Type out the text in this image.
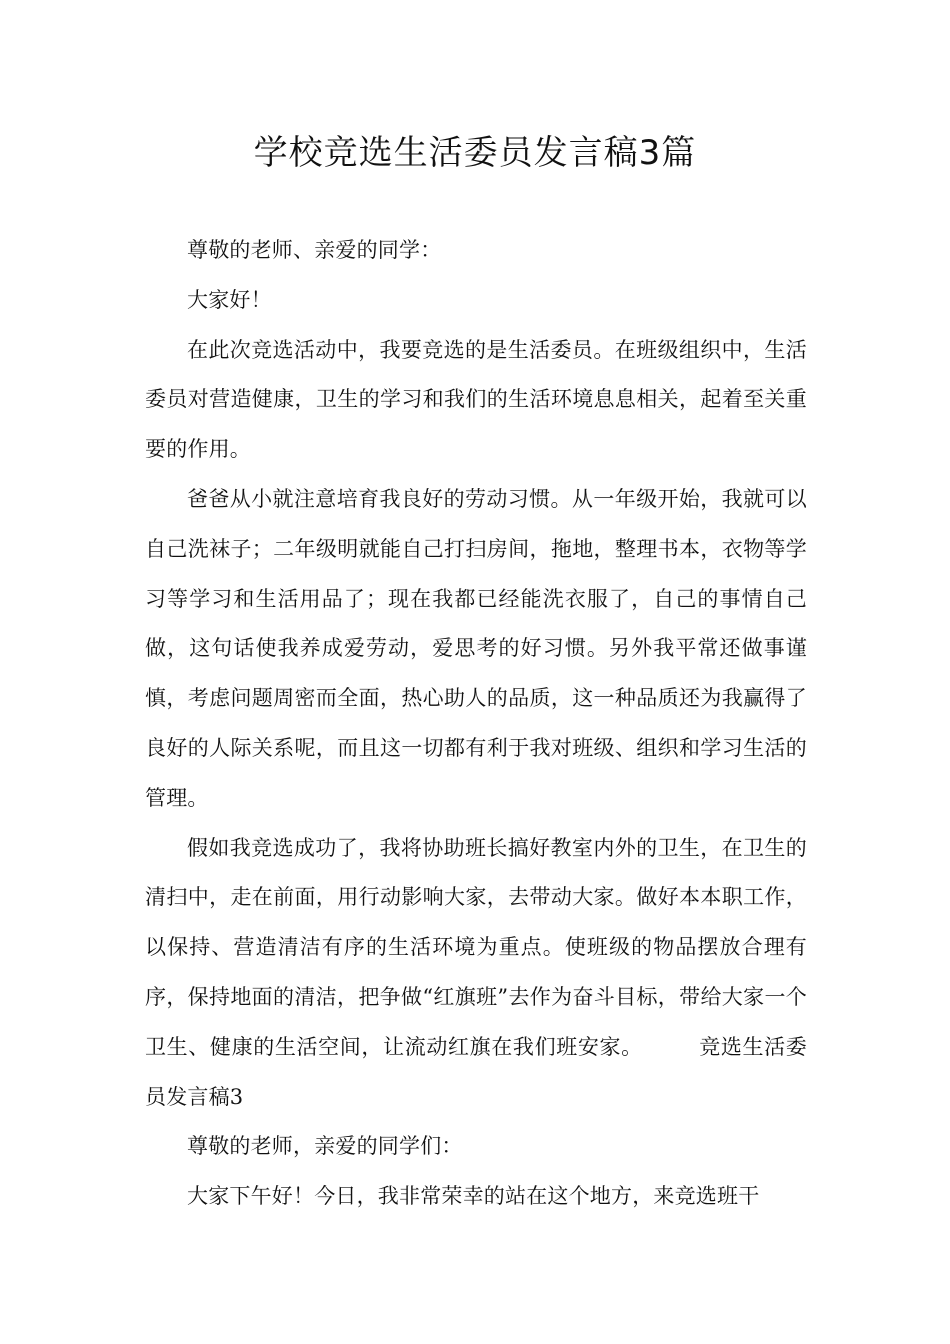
学校竞选生活委员发言稿3篇

尊敬的老师、亲爱的同学：

大家好！

在此次竞选活动中，我要竞选的是生活委员。在班级组织中，生活委员对营造健康，卫生的学习和我们的生活环境息息相关，起着至关重要的作用。

爸爸从小就注意培育我良好的劳动习惯。从一年级开始，我就可以自己洗袜子；二年级明就能自己打扫房间，拖地，整理书本，衣物等学习等学习和生活用品了；现在我都已经能洗衣服了，自己的事情自己做，这句话使我养成爱劳动，爱思考的好习惯。另外我平常还做事谨慎，考虑问题周密而全面，热心助人的品质，这一种品质还为我赢得了良好的人际关系呢，而且这一切都有利于我对班级、组织和学习生活的管理。

假如我竞选成功了，我将协助班长搞好教室内外的卫生，在卫生的清扫中，走在前面，用行动影响大家，去带动大家。做好本本职工作，以保持、营造清洁有序的生活环境为重点。使班级的物品摆放合理有序，保持地面的清洁，把争做“红旗班”去作为奋斗目标，带给大家一个卫生、健康的生活空间，让流动红旗在我们班安家。	竞选生活委员发言稿3

尊敬的老师，亲爱的同学们：

大家下午好！今日，我非常荣幸的站在这个地方，来竞选班干
